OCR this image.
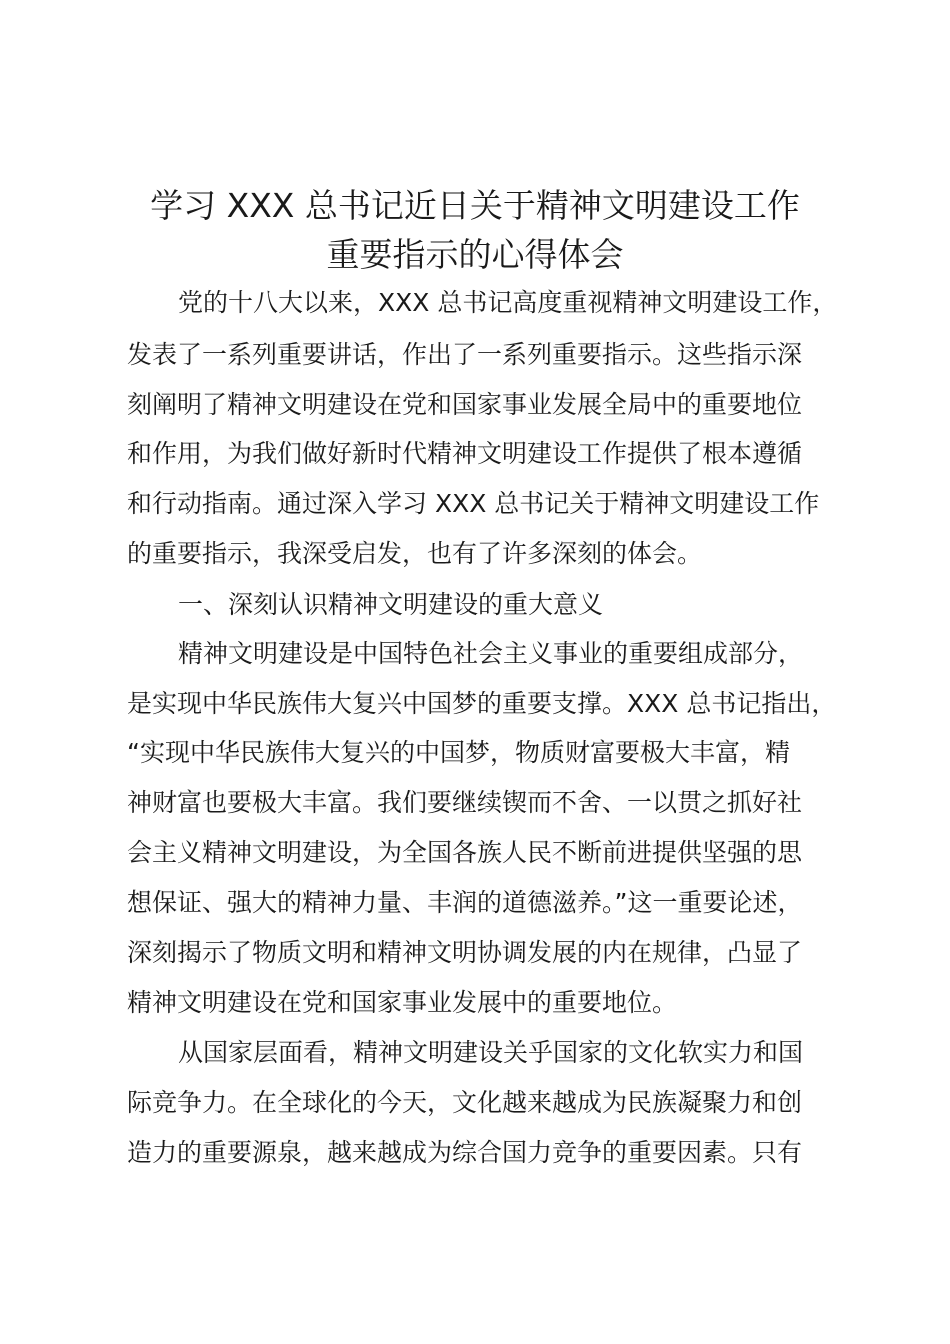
学习 XXX 总书记近日关于精神文明建设工作
重要指示的心得体会

党的十八大以来，XXX 总书记高度重视精神文明建设工作，

发表了一系列重要讲话，作出了一系列重要指示。这些指示深

刻阐明了精神文明建设在党和国家事业发展全局中的重要地位

和作用，为我们做好新时代精神文明建设工作提供了根本遵循

和行动指南。通过深入学习 XXX 总书记关于精神文明建设工作

的重要指示，我深受启发，也有了许多深刻的体会。

一、深刻认识精神文明建设的重大意义

精神文明建设是中国特色社会主义事业的重要组成部分，

是实现中华民族伟大复兴中国梦的重要支撑。XXX 总书记指出，

“实现中华民族伟大复兴的中国梦，物质财富要极大丰富，精

神财富也要极大丰富。我们要继续锲而不舍、一以贯之抓好社

会主义精神文明建设，为全国各族人民不断前进提供坚强的思

想保证、强大的精神力量、丰润的道德滋养。”这一重要论述，

深刻揭示了物质文明和精神文明协调发展的内在规律，凸显了

精神文明建设在党和国家事业发展中的重要地位。

从国家层面看，精神文明建设关乎国家的文化软实力和国

际竞争力。在全球化的今天，文化越来越成为民族凝聚力和创

造力的重要源泉，越来越成为综合国力竞争的重要因素。只有
